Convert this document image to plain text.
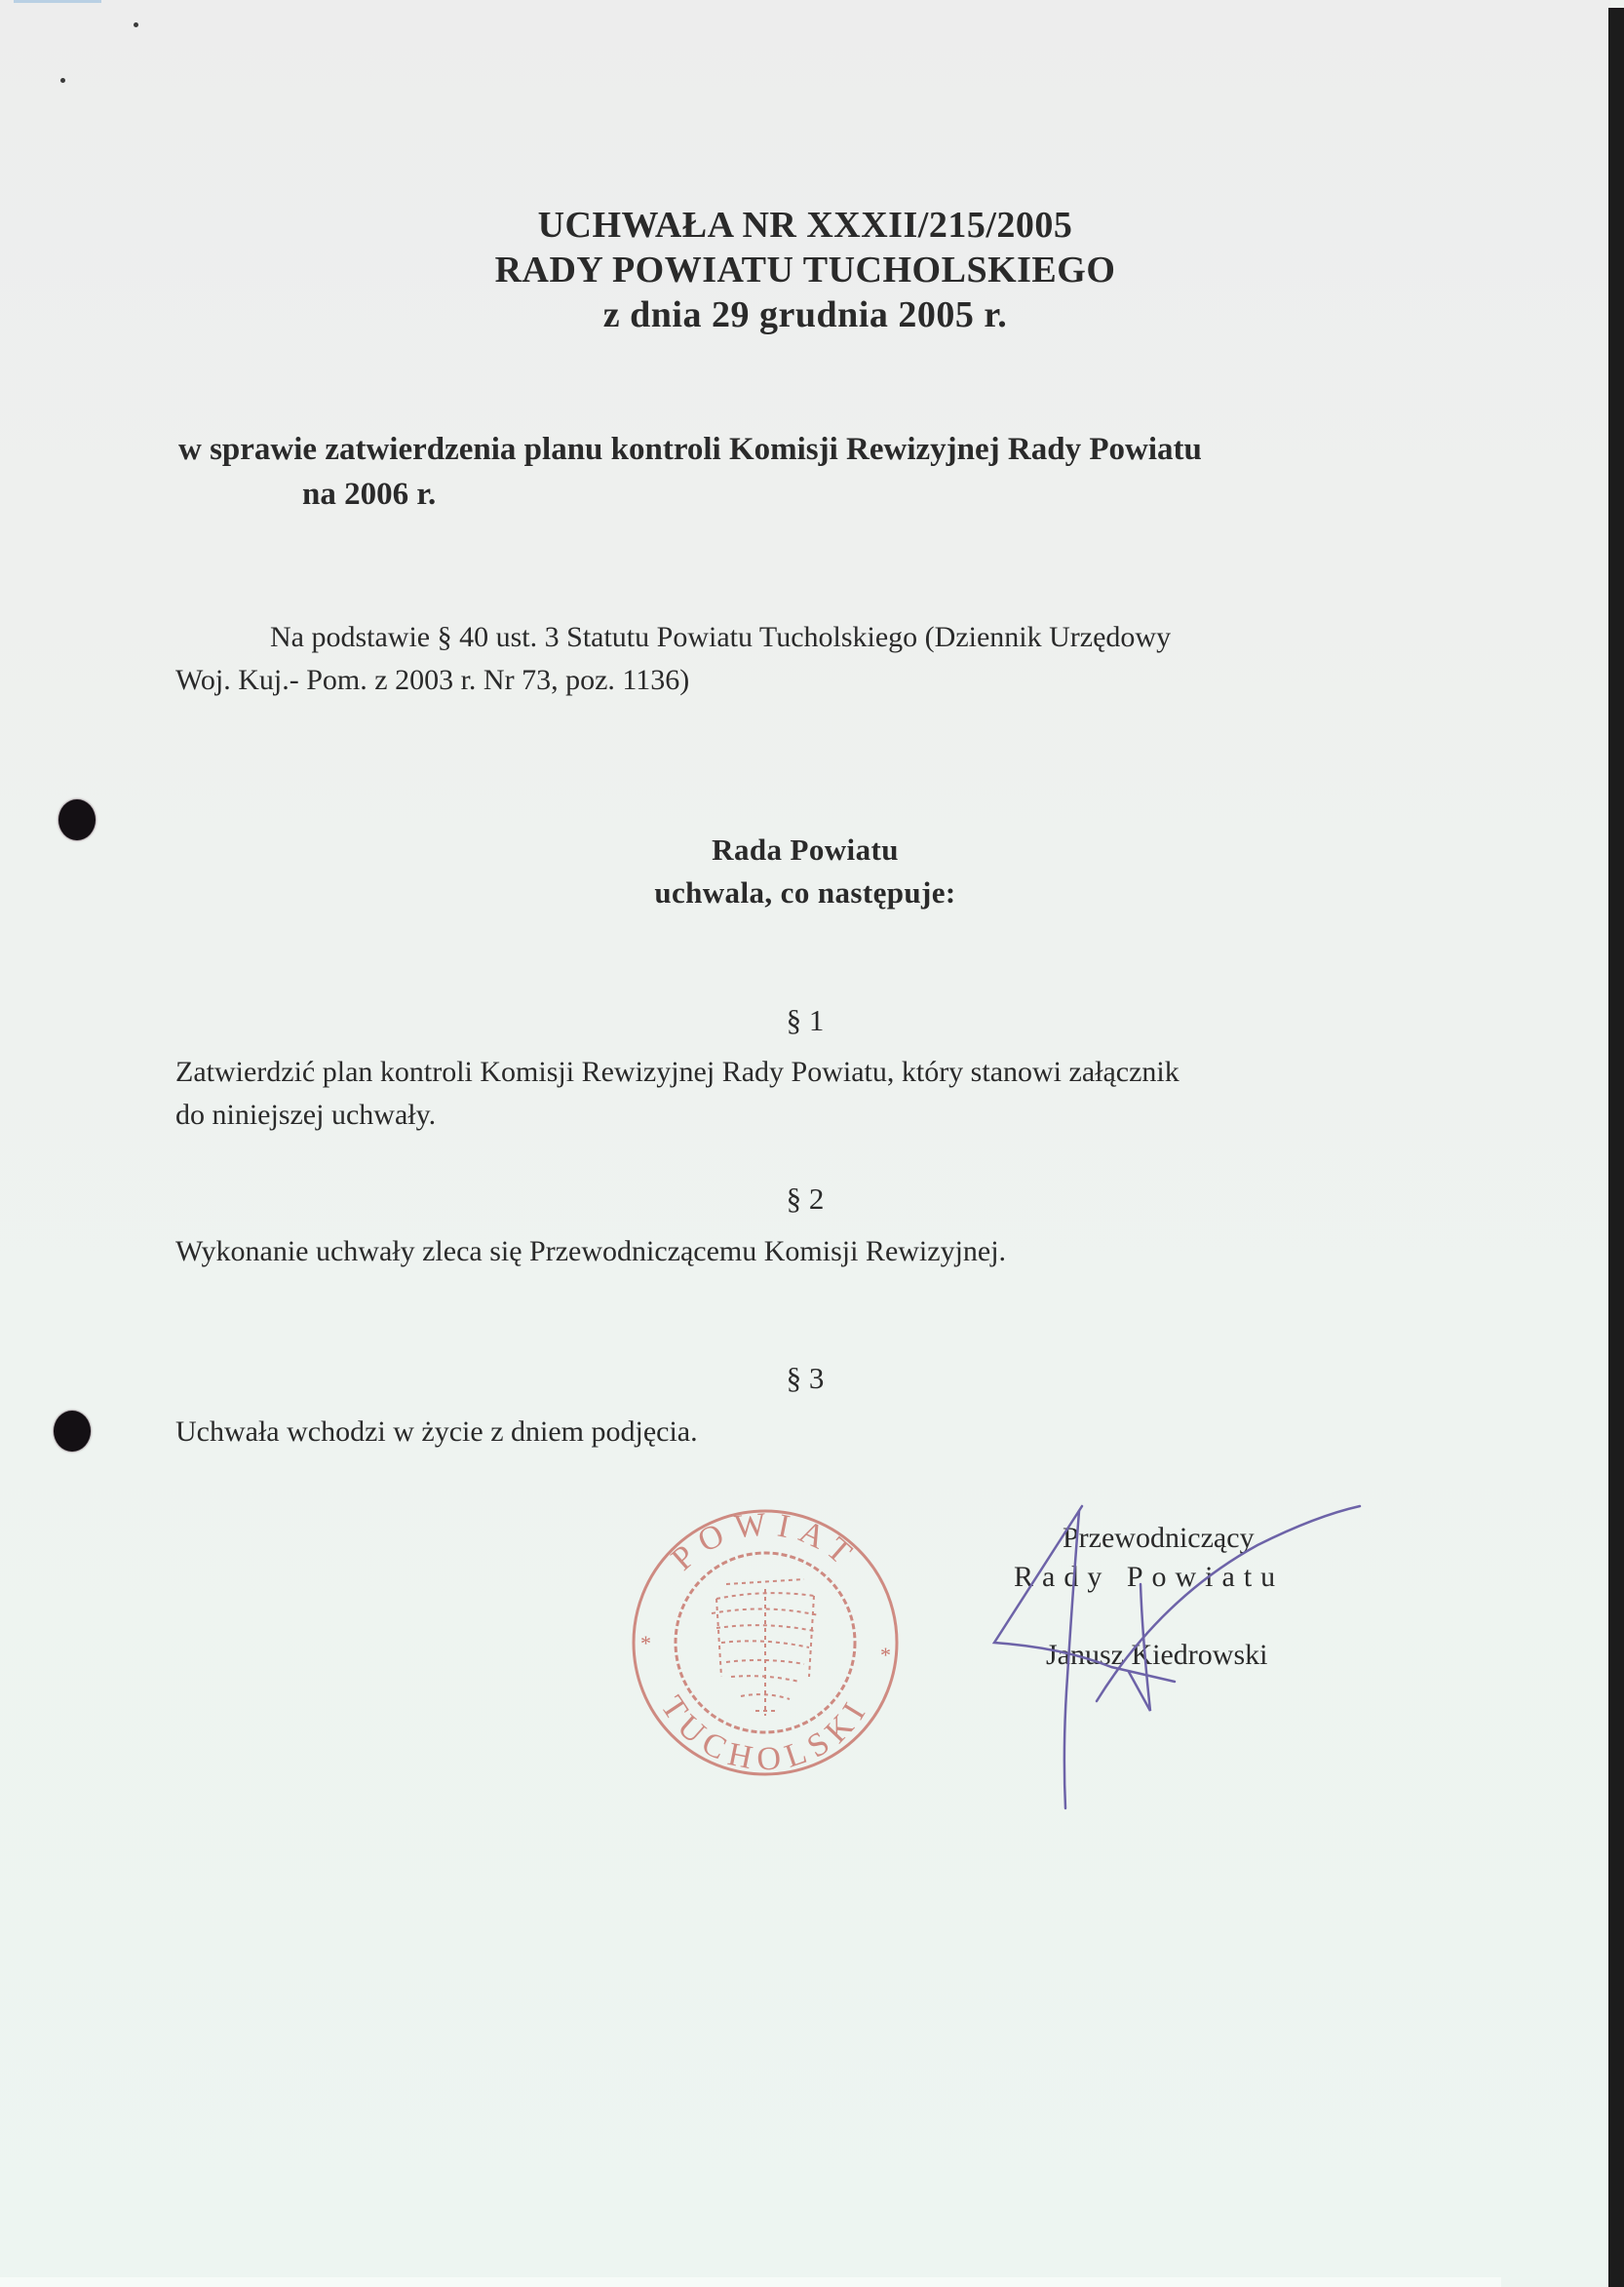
UCHWAŁA NR XXXII/215/2005
RADY POWIATU TUCHOLSKIEGO
z dnia 29 grudnia 2005 r.
w sprawie zatwierdzenia planu kontroli Komisji Rewizyjnej Rady Powiatu
na 2006 r.
Na podstawie § 40 ust. 3 Statutu Powiatu Tucholskiego (Dziennik Urzędowy
Woj. Kuj.- Pom. z 2003 r. Nr 73, poz. 1136)
Rada Powiatu
uchwala, co następuje:
§ 1
Zatwierdzić plan kontroli Komisji Rewizyjnej Rady Powiatu, który stanowi załącznik
do niniejszej uchwały.
§ 2
Wykonanie uchwały zleca się Przewodniczącemu Komisji Rewizyjnej.
§ 3
Uchwała wchodzi w życie z dniem podjęcia.
POWIAT
TUCHOLSKI
*	*
Przewodniczący
Rady Powiatu
Janusz Kiedrowski
